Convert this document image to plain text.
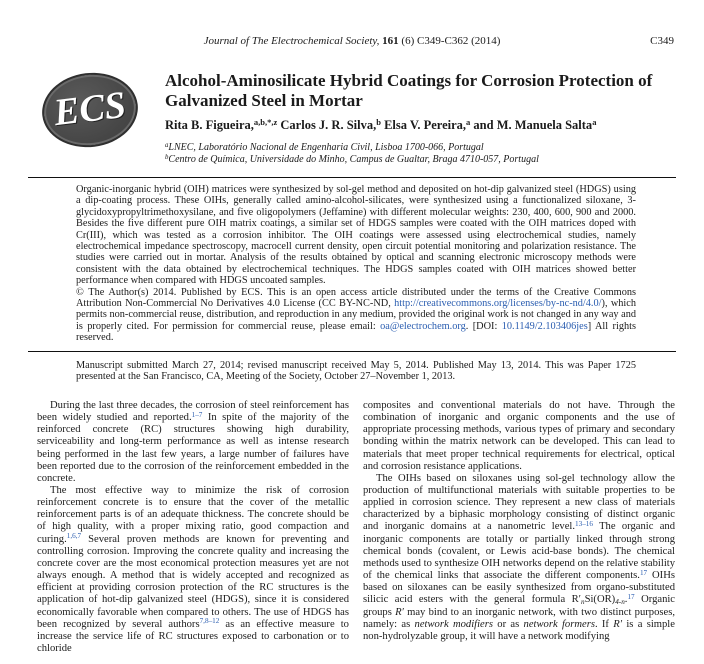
Journal of The Electrochemical Society, 161 (6) C349-C362 (2014)	C349
ECS
Alcohol-Aminosilicate Hybrid Coatings for Corrosion Protection of Galvanized Steel in Mortar
Rita B. Figueira,$^{a,b,*,z}$ Carlos J. R. Silva,$^b$ Elsa V. Pereira,$^a$ and M. Manuela Salta$^a$
$^a$LNEC, Laboratório Nacional de Engenharia Civil, Lisboa 1700-066, Portugal
$^b$Centro de Química, Universidade do Minho, Campus de Gualtar, Braga 4710-057, Portugal

Organic-inorganic hybrid (OIH) matrices were synthesized by sol-gel method and deposited on hot-dip galvanized steel (HDGS) using a dip-coating process. These OIHs, generally called amino-alcohol-silicates, were synthesized using a functionalized siloxane, 3-glycidoxypropyltrimethoxysilane, and five oligopolymers (Jeffamine) with different molecular weights: 230, 400, 600, 900 and 2000. Besides the five different pure OIH matrix coatings, a similar set of HDGS samples were coated with the OIH matrices doped with Cr(III), which was tested as a corrosion inhibitor. The OIH coatings were assessed using electrochemical studies, namely electrochemical impedance spectroscopy, macrocell current density, open circuit potential monitoring and polarization resistance. The studies were carried out in mortar. Analysis of the results obtained by optical and scanning electronic microscopy methods were consistent with the data obtained by electrochemical techniques. The HDGS samples coated with OIH matrices showed better performance when compared with HDGS uncoated samples.

© The Author(s) 2014. Published by ECS. This is an open access article distributed under the terms of the Creative Commons Attribution Non-Commercial No Derivatives 4.0 License (CC BY-NC-ND, http://creativecommons.org/licenses/by-nc-nd/4.0/), which permits non-commercial reuse, distribution, and reproduction in any medium, provided the original work is not changed in any way and is properly cited. For permission for commercial reuse, please email: oa@electrochem.org. [DOI: 10.1149/2.103406jes] All rights reserved.

Manuscript submitted March 27, 2014; revised manuscript received May 5, 2014. Published May 13, 2014. This was Paper 1725 presented at the San Francisco, CA, Meeting of the Society, October 27–November 1, 2013.

During the last three decades, the corrosion of steel reinforcement has been widely studied and reported.$^{1-7}$ In spite of the majority of the reinforced concrete (RC) structures showing high durability, serviceability and long-term performance as well as intense research being performed in the last few years, a large number of failures have been reported due to the corrosion of the reinforcement embedded in the concrete.

The most effective way to minimize the risk of corrosion reinforcement concrete is to ensure that the cover of the metallic reinforcement parts is of an adequate thickness. The concrete should be of high quality, with a proper mixing ratio, good compaction and curing.$^{1,6,7}$ Several proven methods are known for preventing and controlling corrosion. Improving the concrete quality and increasing the concrete cover are the most economical protection measures yet are not always enough. A method that is widely accepted and recognized as efficient at providing corrosion protection of the RC structures is the application of hot-dip galvanized steel (HDGS), since it is considered economically favorable when compared to others. The use of HDGS has been recognized by several authors$^{7,8-12}$ as an effective measure to increase the service life of RC structures exposed to carbonation or to chloride

composites and conventional materials do not have. Through the combination of inorganic and organic components and the use of appropriate processing methods, various types of primary and secondary bonding within the matrix network can be developed. This can lead to materials that meet proper technical requirements for electrical, optical and corrosion resistance applications.

The OIHs based on siloxanes using sol-gel technology allow the production of multifunctional materials with suitable properties to be applied in corrosion science. They represent a new class of materials characterized by a biphasic morphology consisting of distinct organic and inorganic domains at a nanometric level.$^{13-16}$ The organic and inorganic components are totally or partially linked through strong chemical bonds (covalent, or Lewis acid-base bonds). The chemical methods used to synthesize OIH networks depend on the relative stability of the chemical links that associate the different components.$^{17}$ OIHs based on siloxanes can be easily synthesized from organo-substituted silicic acid esters with the general formula $R'_nSi(OR)_{4-n}.^{17}$ Organic groups R′ may bind to an inorganic network, with two distinct purposes, namely: as network modifiers or as network formers. If R′ is a simple non-hydrolyzable group, it will have a network modifying
